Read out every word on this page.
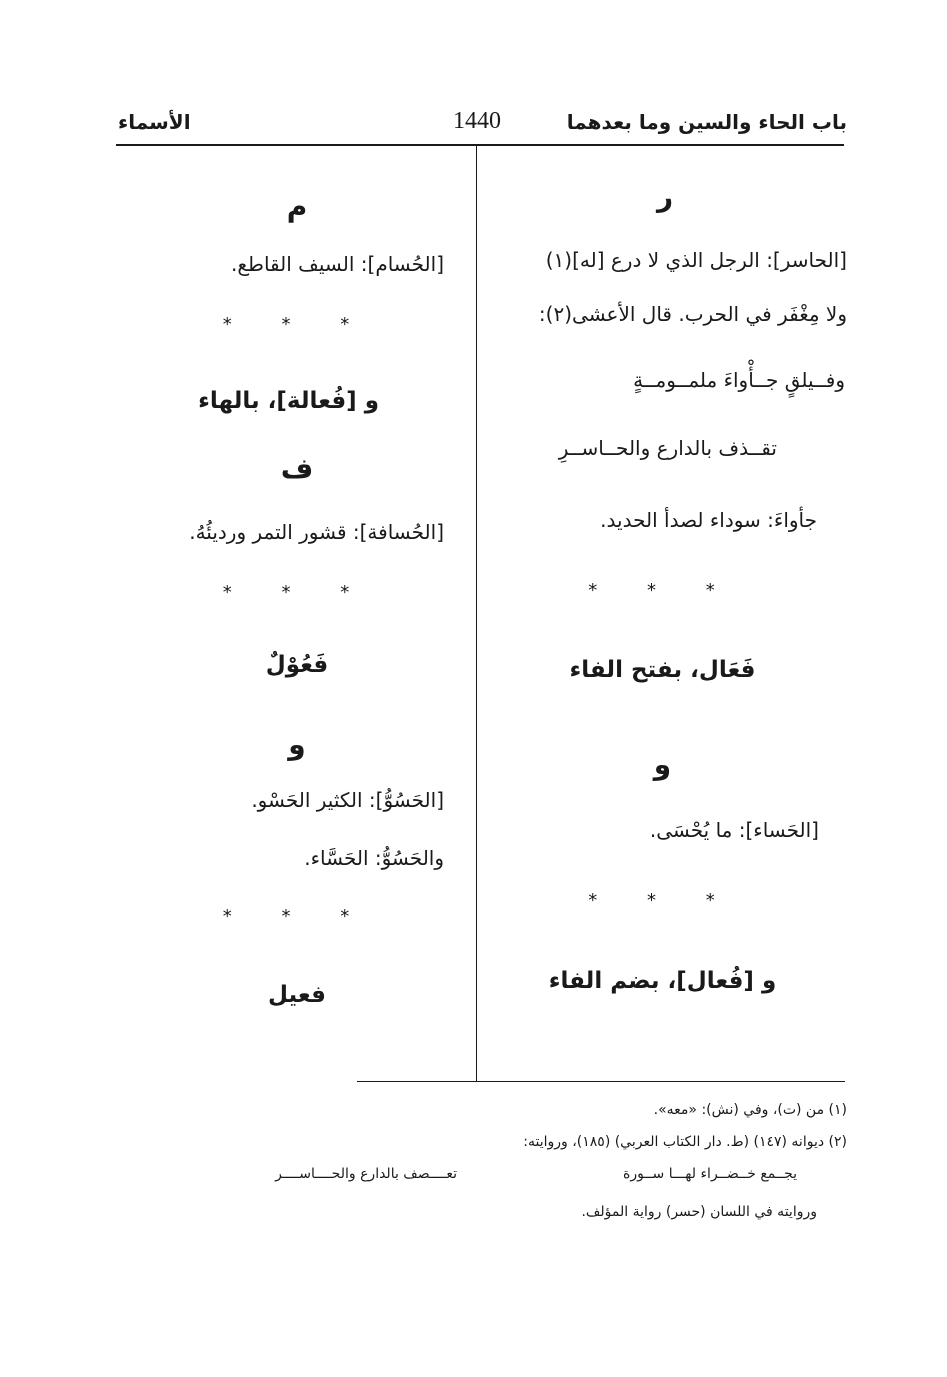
باب الحاء والسين وما بعدهما
1440
الأسماء
ر
[الحاسر]: الرجل الذي لا درع [له](١)
ولا مِغْفَر في الحرب. قال الأعشى(٢):
وفــيلقٍ جــأْواءَ ملمــومــةٍ
تقــذف بالدارع والحــاســرِ
جأواءَ: سوداء لصدأ الحديد.
* * *
فَعَال، بفتح الفاء
و
[الحَساء]: ما يُحْسَى.
* * *
و [فُعال]، بضم الفاء
م
[الحُسام]: السيف القاطع.
* * *
و [فُعالة]، بالهاء
ف
[الحُسافة]: قشور التمر ورديئُهُ.
* * *
فَعُوْلٌ
و
[الحَسُوُّ]: الكثير الحَسْو.
والحَسُوُّ: الحَسَّاء.
* * *
فعيل
(١) من (ت)، وفي (نش): «معه».
(٢) ديوانه (١٤٧) (ط. دار الكتاب العربي) (١٨٥)، وروايته:
يجــمع خــضــراء لهـــا ســورة
تعــــصف بالدارع والحــــاســــر
وروايته في اللسان (حسر) رواية المؤلف.
